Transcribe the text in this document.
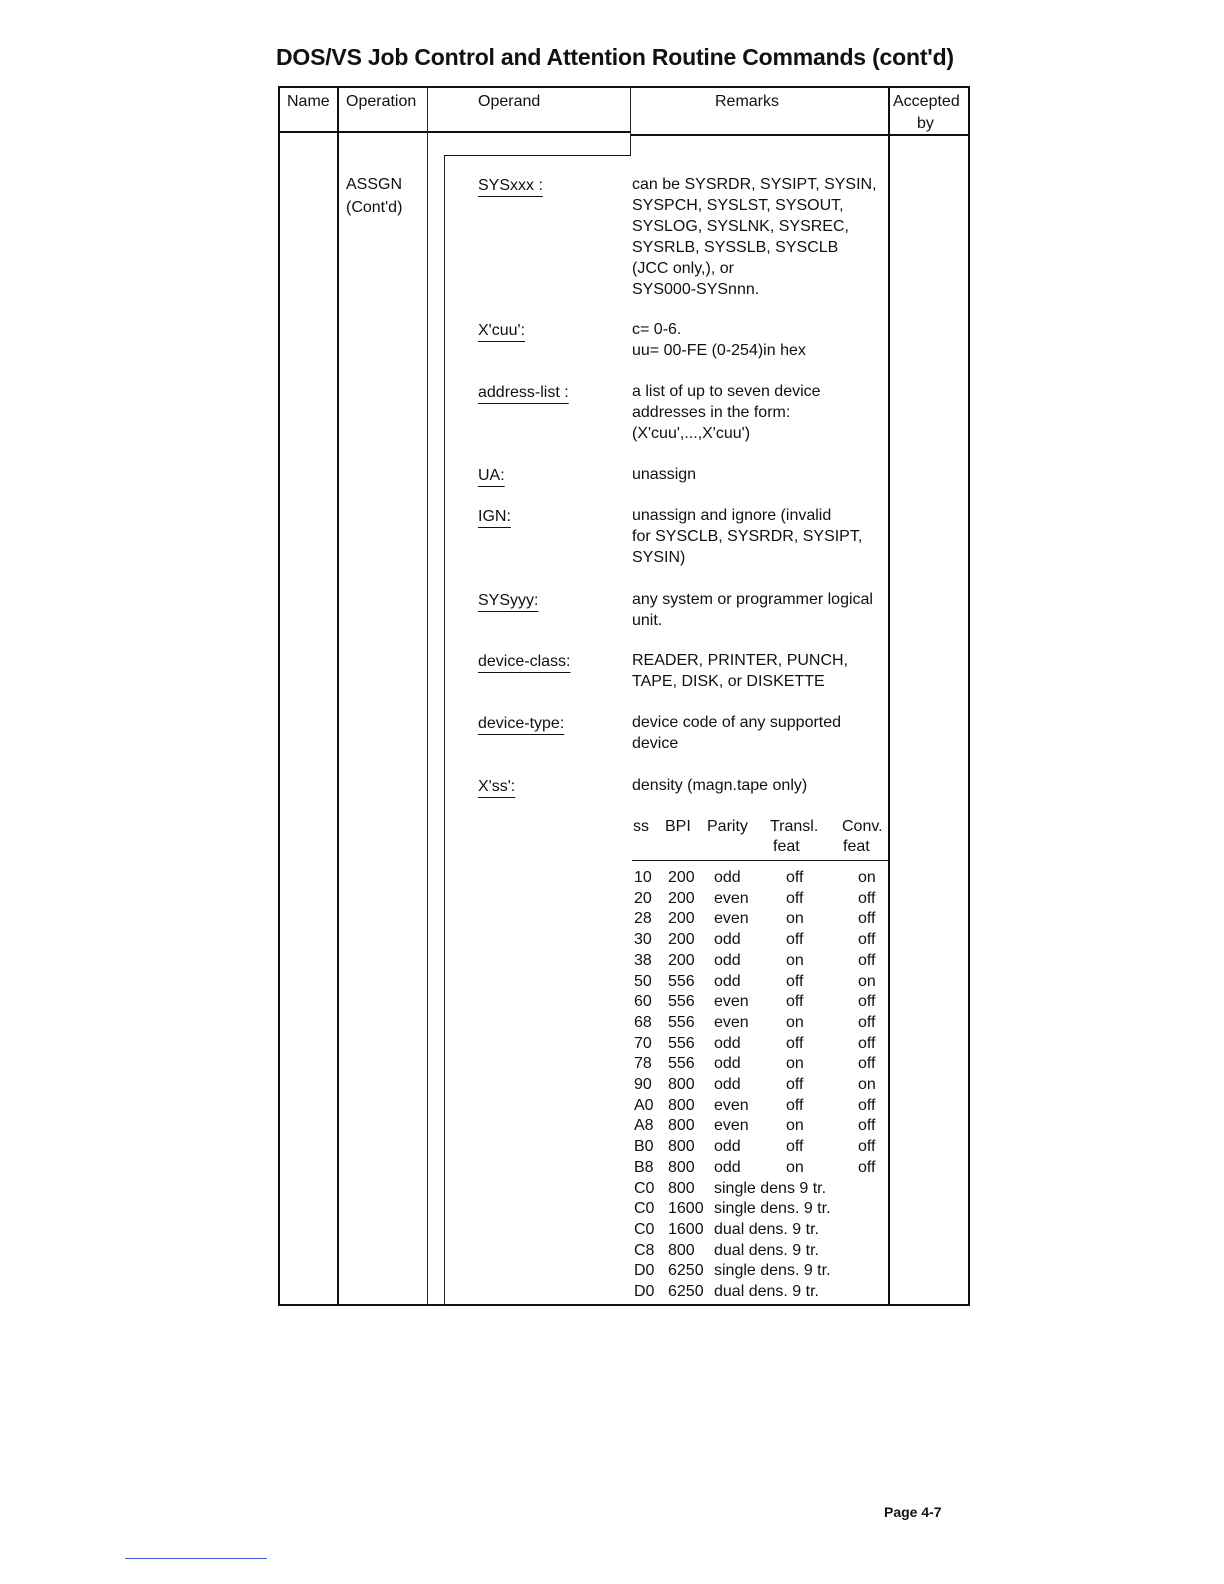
DOS/VS Job Control and Attention Routine Commands (cont'd)
Name Operation	Operand	Remarks	Accepted
by
ASSGN
(Cont'd)
SYSxxx :	can be SYSRDR, SYSIPT, SYSIN,
SYSPCH, SYSLST, SYSOUT,
SYSLOG, SYSLNK, SYSREC,
SYSRLB, SYSSLB, SYSCLB
(JCC only,), or
SYS000-SYSnnn.
X'cuu':	c= 0-6.
uu= 00-FE (0-254)in hex
address-list :	a list of up to seven device
addresses in the form:
(X'cuu',...,X'cuu')
UA:	unassign
IGN:	unassign and ignore (invalid
for SYSCLB, SYSRDR, SYSIPT,
SYSIN)
SYSyyy:	any system or programmer logical
unit.
device-class:	READER, PRINTER, PUNCH,
TAPE, DISK, or DISKETTE
device-type:	device code of any supported
device
X'ss':	density (magn.tape only)
ss BPI Parity Transl. Conv.
feat	feat
10 200 odd	off	on
20 200 even off	off
28 200 even on	off
30 200 odd	off	off
38 200 odd	on	off
50 556 odd	off	on
60 556 even off	off
68 556 even on	off
70 556 odd	off	off
78 556 odd	on	off
90 800 odd	off	on
A0 800 even off	off
A8 800 even on	off
B0 800 odd	off	off
B8 800 odd	on	off
C0 800 single dens 9 tr.
C0 1600 single dens. 9 tr.
C0 1600 dual dens. 9 tr.
C8 800 dual dens. 9 tr.
D0 6250 single dens. 9 tr.
D0 6250 dual dens. 9 tr.
Page 4-7
